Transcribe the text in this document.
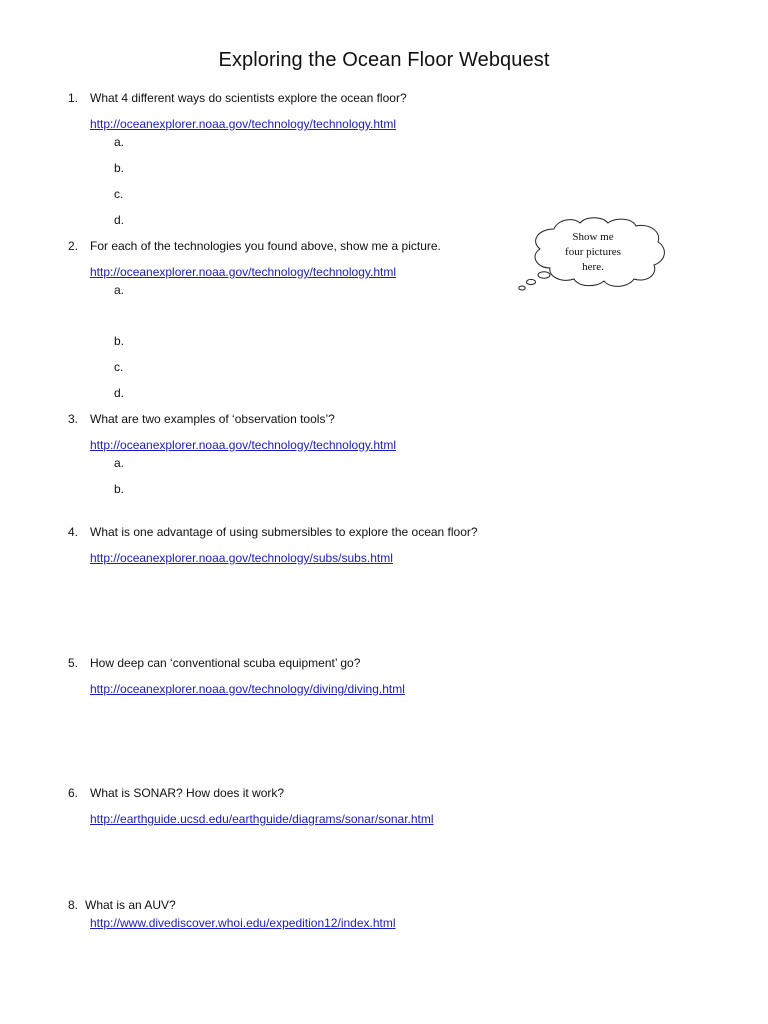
Exploring the Ocean Floor Webquest
1. What 4 different ways do scientists explore the ocean floor?
http://oceanexplorer.noaa.gov/technology/technology.html
a.
b.
c.
d.
2. For each of the technologies you found above, show me a picture.
http://oceanexplorer.noaa.gov/technology/technology.html
a.
b.
c.
d.
3. What are two examples of ‘observation tools’?
http://oceanexplorer.noaa.gov/technology/technology.html
a.
b.
4. What is one advantage of using submersibles to explore the ocean floor?
http://oceanexplorer.noaa.gov/technology/subs/subs.html
5. How deep can ‘conventional scuba equipment’ go?
http://oceanexplorer.noaa.gov/technology/diving/diving.html
6. What is SONAR? How does it work?
http://earthguide.ucsd.edu/earthguide/diagrams/sonar/sonar.html
8. What is an AUV?
http://www.divediscover.whoi.edu/expedition12/index.html
Show me
four pictures
here.
